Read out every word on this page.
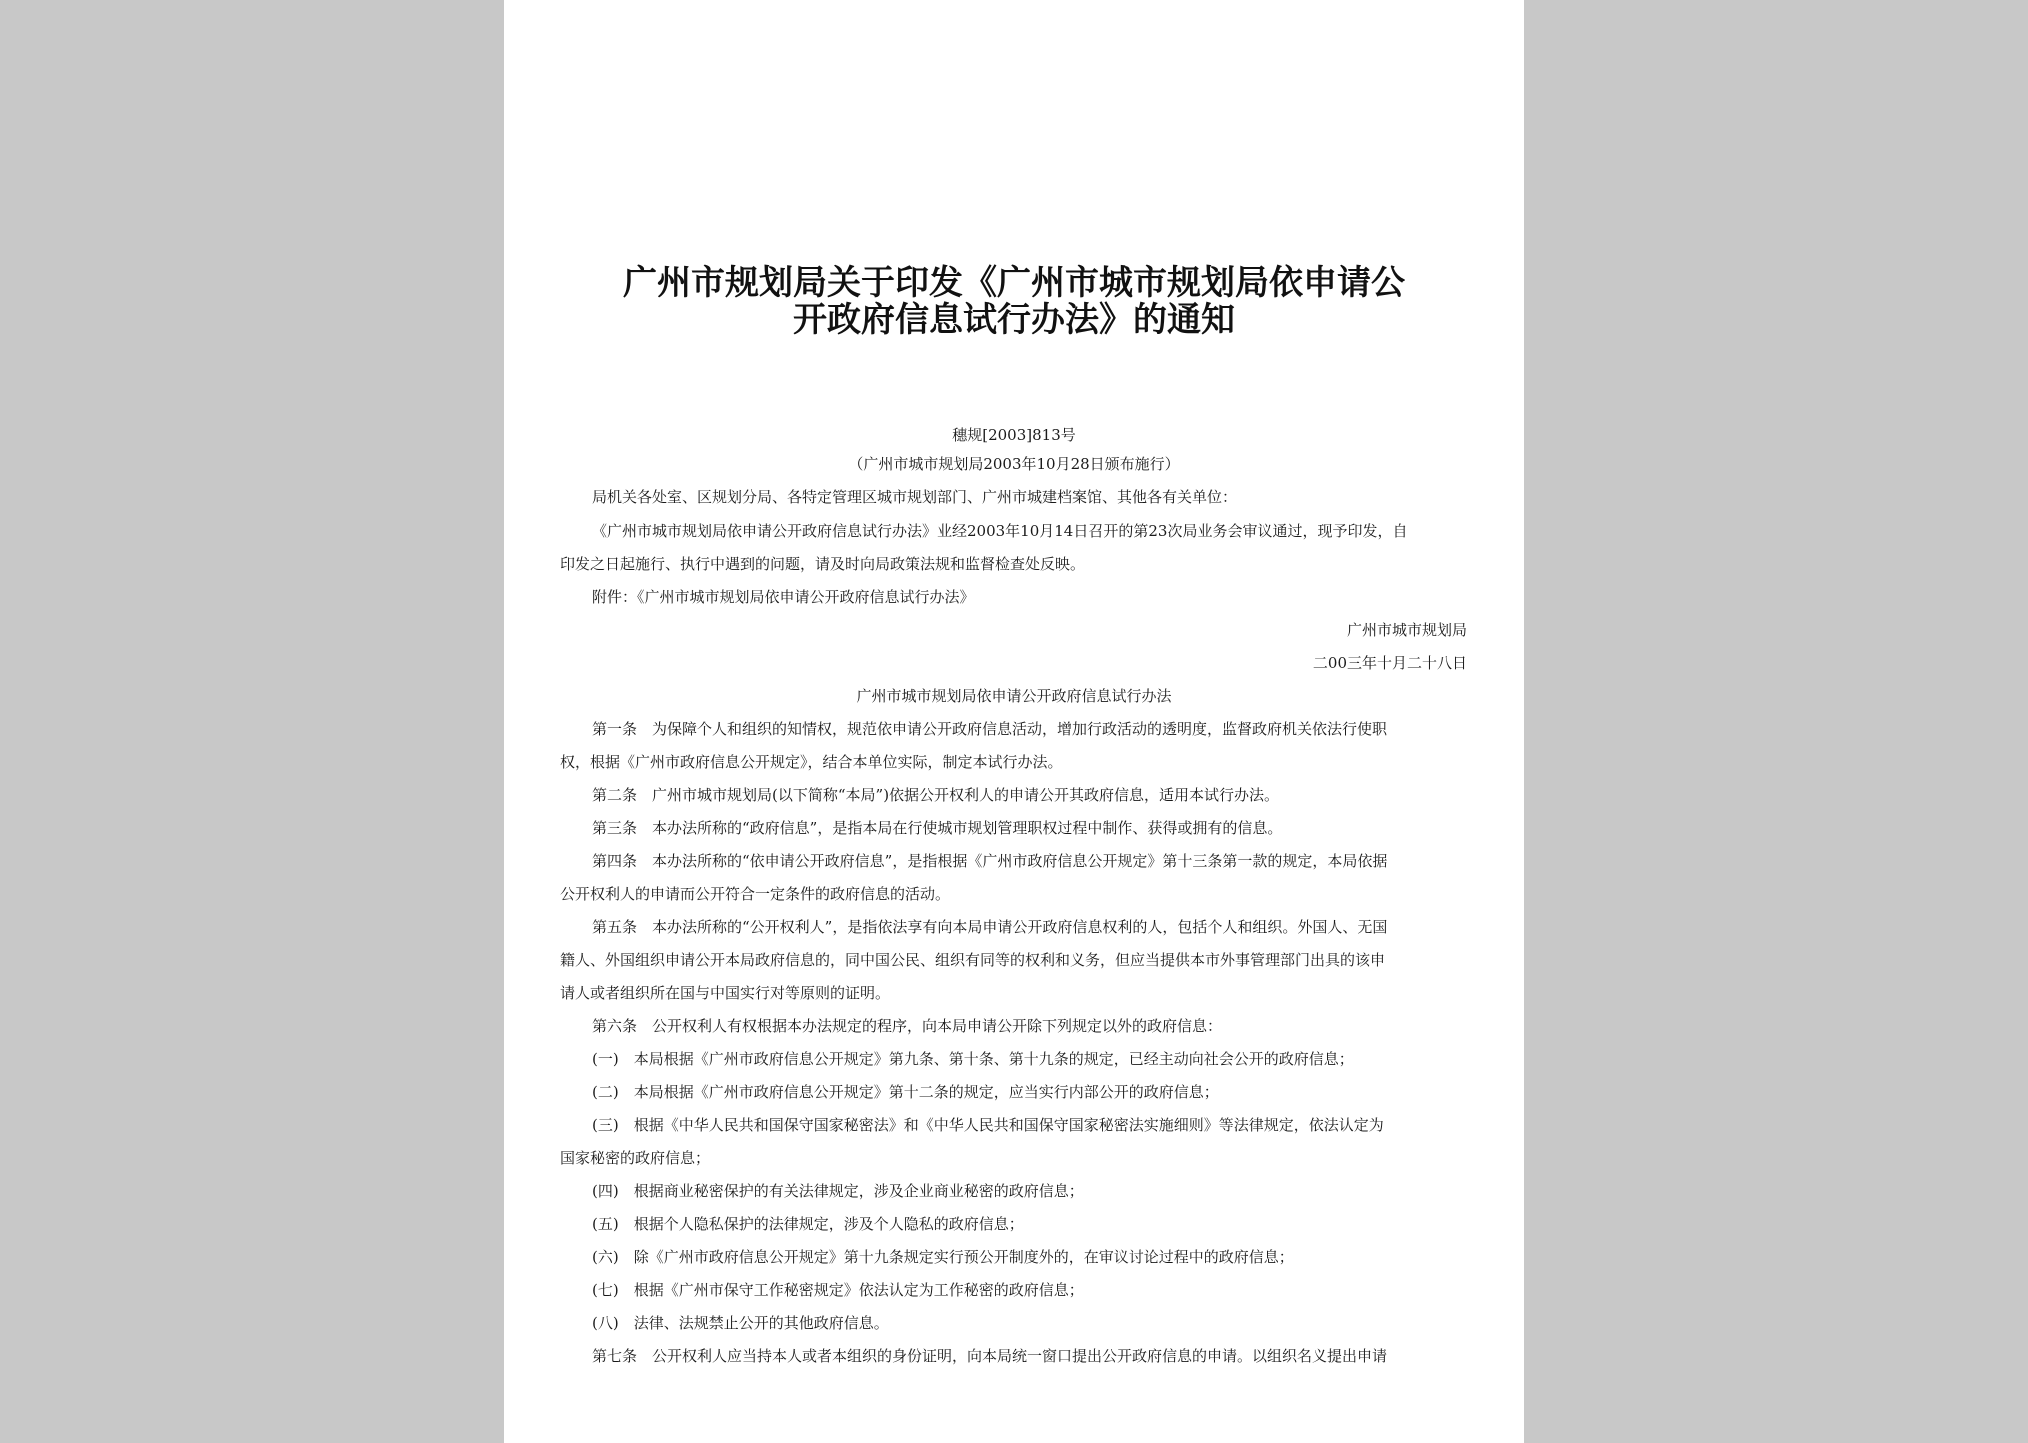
广州市规划局关于印发《广州市城市规划局依申请公
开政府信息试行办法》的通知
穗规[2003]813号
（广州市城市规划局2003年10月28日颁布施行）
局机关各处室、区规划分局、各特定管理区城市规划部门、广州市城建档案馆、其他各有关单位：
《广州市城市规划局依申请公开政府信息试行办法》业经2003年10月14日召开的第23次局业务会审议通过，现予印发，自
印发之日起施行、执行中遇到的问题，请及时向局政策法规和监督检查处反映。
附件：《广州市城市规划局依申请公开政府信息试行办法》
广州市城市规划局
二00三年十月二十八日
广州市城市规划局依申请公开政府信息试行办法
第一条　为保障个人和组织的知情权，规范依申请公开政府信息活动，增加行政活动的透明度，监督政府机关依法行使职
权，根据《广州市政府信息公开规定》，结合本单位实际，制定本试行办法。
第二条　广州市城市规划局(以下简称“本局”)依据公开权利人的申请公开其政府信息，适用本试行办法。
第三条　本办法所称的“政府信息”，是指本局在行使城市规划管理职权过程中制作、获得或拥有的信息。
第四条　本办法所称的“依申请公开政府信息”，是指根据《广州市政府信息公开规定》第十三条第一款的规定，本局依据
公开权利人的申请而公开符合一定条件的政府信息的活动。
第五条　本办法所称的“公开权利人”，是指依法享有向本局申请公开政府信息权利的人，包括个人和组织。外国人、无国
籍人、外国组织申请公开本局政府信息的，同中国公民、组织有同等的权利和义务，但应当提供本市外事管理部门出具的该申
请人或者组织所在国与中国实行对等原则的证明。
第六条　公开权利人有权根据本办法规定的程序，向本局申请公开除下列规定以外的政府信息：
(一)　本局根据《广州市政府信息公开规定》第九条、第十条、第十九条的规定，已经主动向社会公开的政府信息；
(二)　本局根据《广州市政府信息公开规定》第十二条的规定，应当实行内部公开的政府信息；
(三)　根据《中华人民共和国保守国家秘密法》和《中华人民共和国保守国家秘密法实施细则》等法律规定，依法认定为
国家秘密的政府信息；
(四)　根据商业秘密保护的有关法律规定，涉及企业商业秘密的政府信息；
(五)　根据个人隐私保护的法律规定，涉及个人隐私的政府信息；
(六)　除《广州市政府信息公开规定》第十九条规定实行预公开制度外的，在审议讨论过程中的政府信息；
(七)　根据《广州市保守工作秘密规定》依法认定为工作秘密的政府信息；
(八)　法律、法规禁止公开的其他政府信息。
第七条　公开权利人应当持本人或者本组织的身份证明，向本局统一窗口提出公开政府信息的申请。以组织名义提出申请
